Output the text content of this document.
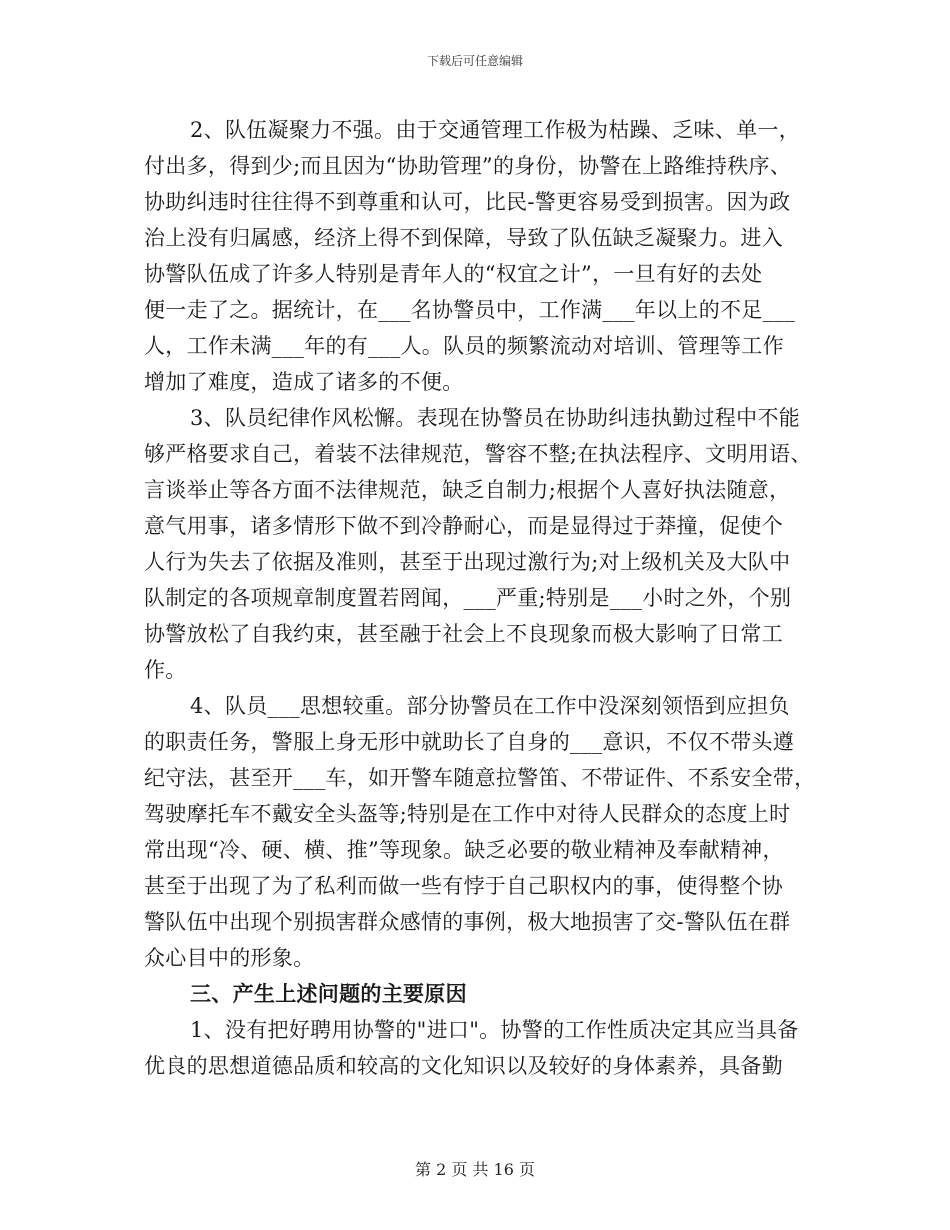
下载后可任意编辑
2、队伍凝聚力不强。由于交通管理工作极为枯躁、乏味、单一，
付出多，得到少;而且因为“协助管理”的身份，协警在上路维持秩序、
协助纠违时往往得不到尊重和认可，比民-警更容易受到损害。因为政
治上没有归属感，经济上得不到保障，导致了队伍缺乏凝聚力。进入
协警队伍成了许多人特别是青年人的“权宜之计”，一旦有好的去处
便一走了之。据统计，在___名协警员中，工作满___年以上的不足___
人，工作未满___年的有___人。队员的频繁流动对培训、管理等工作
增加了难度，造成了诸多的不便。
3、队员纪律作风松懈。表现在协警员在协助纠违执勤过程中不能
够严格要求自己，着装不法律规范，警容不整;在执法程序、文明用语、
言谈举止等各方面不法律规范，缺乏自制力;根据个人喜好执法随意，
意气用事，诸多情形下做不到冷静耐心，而是显得过于莽撞，促使个
人行为失去了依据及准则，甚至于出现过激行为;对上级机关及大队中
队制定的各项规章制度置若罔闻，___严重;特别是___小时之外，个别
协警放松了自我约束，甚至融于社会上不良现象而极大影响了日常工
作。
4、队员___思想较重。部分协警员在工作中没深刻领悟到应担负
的职责任务，警服上身无形中就助长了自身的___意识，不仅不带头遵
纪守法，甚至开___车，如开警车随意拉警笛、不带证件、不系安全带，
驾驶摩托车不戴安全头盔等;特别是在工作中对待人民群众的态度上时
常出现“冷、硬、横、推”等现象。缺乏必要的敬业精神及奉献精神，
甚至于出现了为了私利而做一些有悖于自己职权内的事，使得整个协
警队伍中出现个别损害群众感情的事例，极大地损害了交-警队伍在群
众心目中的形象。
三、产生上述问题的主要原因
1、没有把好聘用协警的"进口"。协警的工作性质决定其应当具备
优良的思想道德品质和较高的文化知识以及较好的身体素养，具备勤
第 2 页 共 16 页
